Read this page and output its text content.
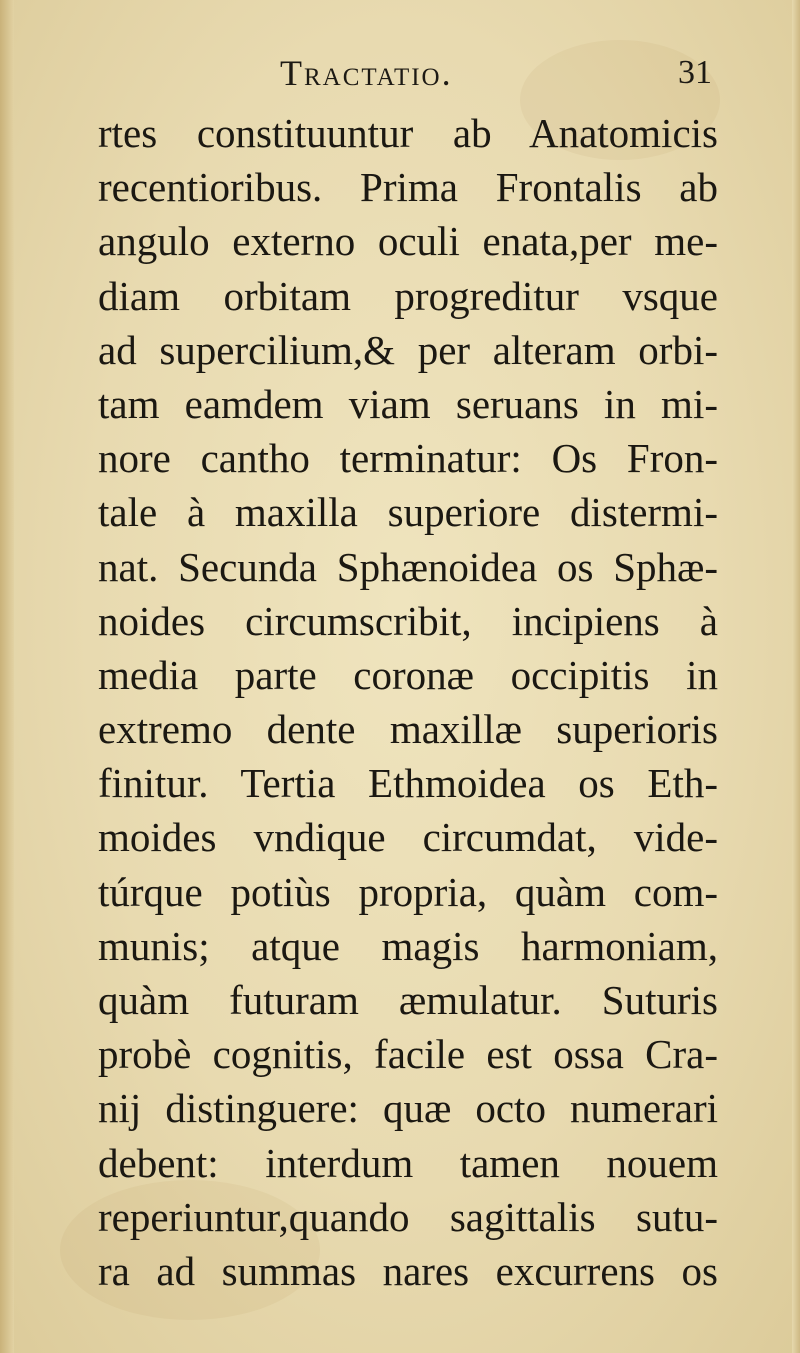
Tractatio.	31
rtes constituuntur ab Anatomicis
recentioribus. Prima Frontalis ab
angulo externo oculi enata,per me-
diam orbitam progreditur vsque
ad supercilium,& per alteram orbi-
tam eamdem viam seruans in mi-
nore cantho terminatur: Os Fron-
tale à maxilla superiore distermi-
nat. Secunda Sphænoidea os Sphæ-
noides circumscribit, incipiens à
media parte coronæ occipitis in
extremo dente maxillæ superioris
finitur. Tertia Ethmoidea os Eth-
moides vndique circumdat, vide-
túrque potiùs propria, quàm com-
munis; atque magis harmoniam,
quàm futuram æmulatur. Suturis
probè cognitis, facile est ossa Cra-
nij distinguere: quæ octo numerari
debent: interdum tamen nouem
reperiuntur,quando sagittalis sutu-
ra ad summas nares excurrens os
